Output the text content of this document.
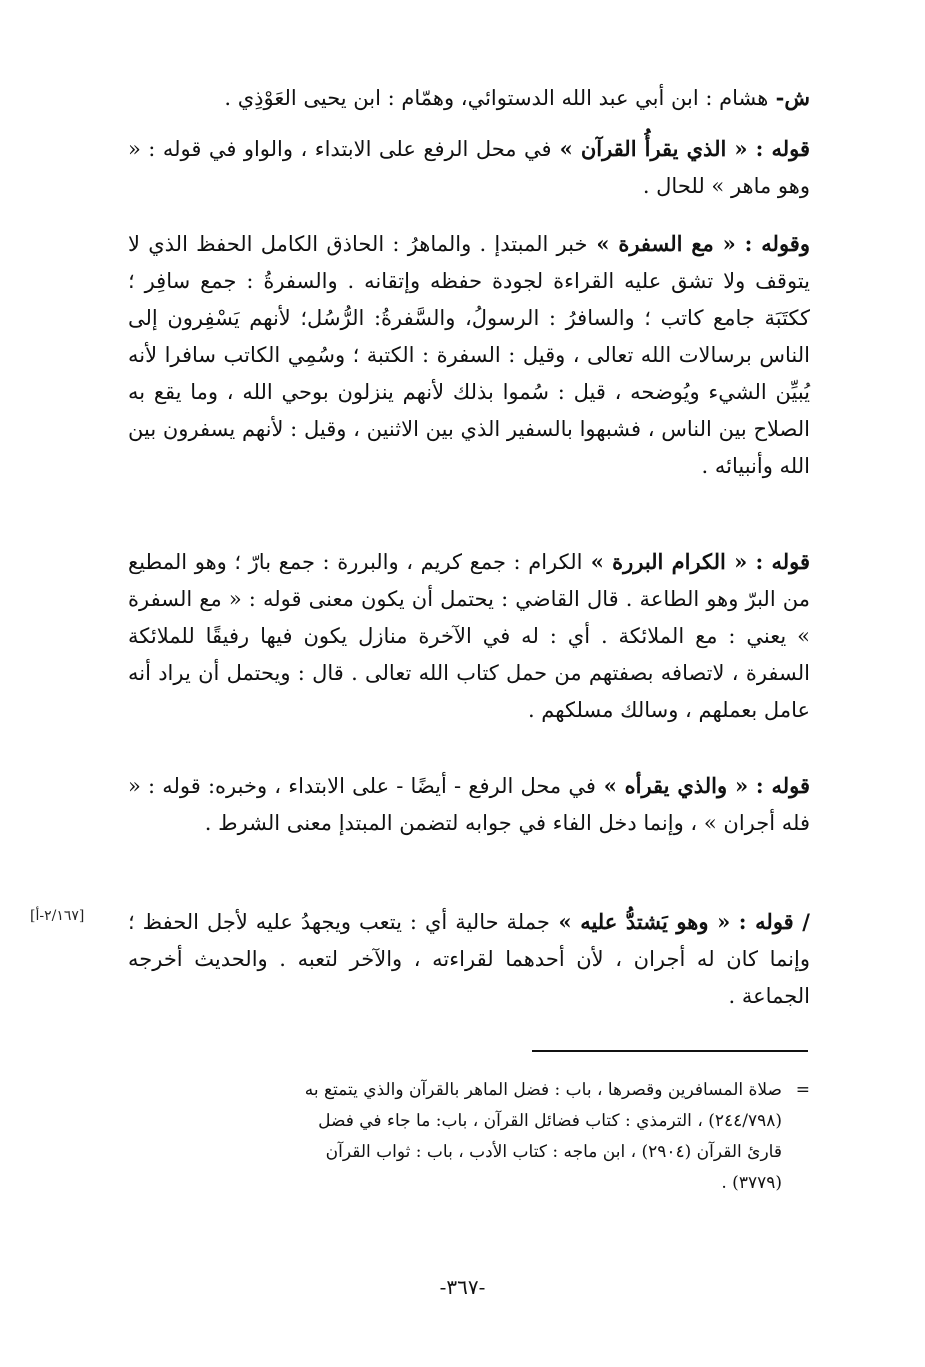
ش- هشام : ابن أبي عبد الله الدستوائي، وهمّام : ابن يحيى العَوْذِي .

قوله : « الذي يقرأُ القرآن » في محل الرفع على الابتداء ، والواو في قوله : « وهو ماهر » للحال .

وقوله : « مع السفرة » خبر المبتدإ . والماهرُ : الحاذق الكامل الحفظ الذي لا يتوقف ولا تشق عليه القراءة لجودة حفظه وإتقانه . والسفرةُ : جمع سافِر ؛ ككتَبَة جامع كاتب ؛ والسافرُ : الرسولُ، والسَّفرةُ: الرُّسُل؛ لأنهم يَسْفِرون إلى الناس برسالات الله تعالى ، وقيل : السفرة : الكتبة ؛ وسُمِي الكاتب سافرا لأنه يُبيِّن الشيء ويُوضحه ، قيل : سُموا بذلك لأنهم ينزلون بوحي الله ، وما يقع به الصلاح بين الناس ، فشبهوا بالسفير الذي بين الاثنين ، وقيل : لأنهم يسفرون بين الله وأنبيائه .

قوله : « الكرام البررة » الكرام : جمع كريم ، والبررة : جمع بارّ ؛ وهو المطيع من البرّ وهو الطاعة . قال القاضي : يحتمل أن يكون معنى قوله : « مع السفرة » يعني : مع الملائكة . أي : له في الآخرة منازل يكون فيها رفيقًا للملائكة السفرة ، لاتصافه بصفتهم من حمل كتاب الله تعالى . قال : ويحتمل أن يراد أنه عامل بعملهم ، وسالك مسلكهم .

قوله : « والذي يقرأه » في محل الرفع - أيضًا - على الابتداء ، وخبره: قوله : « فله أجران » ، وإنما دخل الفاء في جوابه لتضمن المبتدإ معنى الشرط .

/ قوله : « وهو يَشتدُّ عليه » جملة حالية أي : يتعب ويجهدُ عليه لأجل الحفظ ؛ وإنما كان له أجران ، لأن أحدهما لقراءته ، والآخر لتعبه . والحديث أخرجه الجماعة .

[٢/١٦٧-أ]
=صلاة المسافرين وقصرها ، باب : فضل الماهر بالقرآن والذي يتمتع به
(٢٤٤/٧٩٨) ، الترمذي : كتاب فضائل القرآن ، باب: ما جاء في فضل
قارئ القرآن (٢٩٠٤) ، ابن ماجه : كتاب الأدب ، باب : ثواب القرآن
(٣٧٧٩) .
-٣٦٧-
